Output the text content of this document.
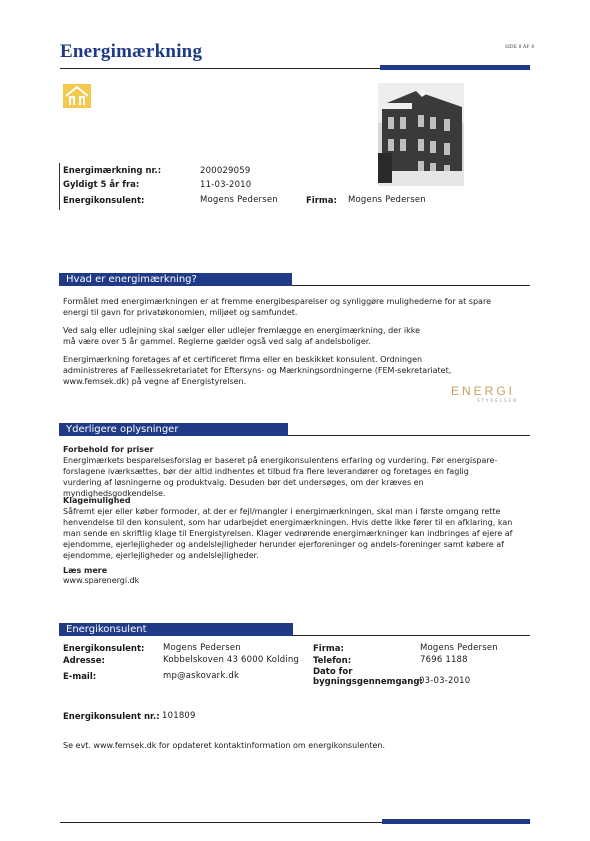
Energimærkning	SIDE 8 AF 8
Energimærkning nr.:	200029059
Gyldigt 5 år fra:	11-03-2010
Energikonsulent:	Mogens Pedersen	Firma: Mogens Pedersen
Hvad er energimærkning?
Formålet med energimærkningen er at fremme energibesparelser og synliggøre mulighederne for at spare energi til gavn for privatøkonomien, miljøet og samfundet.
Ved salg eller udlejning skal sælger eller udlejer fremlægge en energimærkning, der ikke må være over 5 år gammel. Reglerne gælder også ved salg af andelsboliger.
Energimærkning foretages af et certificeret firma eller en beskikket konsulent. Ordningen administreres af Fællessekretariatet for Eftersyns- og Mærkningsordningerne (FEM-sekretariatet, www.femsek.dk) på vegne af Energistyrelsen.
ENERGI
STYRELSEN
Yderligere oplysninger
Forbehold for priser
Energimærkets besparelsesforslag er baseret på energikonsulentens erfaring og vurdering. Før energispare-forslagene iværksættes, bør der altid indhentes et tilbud fra flere leverandører og foretages en faglig vurdering af løsningerne og produktvalg. Desuden bør det undersøges, om der kræves en myndighedsgodkendelse.
Klagemulighed
Såfremt ejer eller køber formoder, at der er fejl/mangler i energimærkningen, skal man i første omgang rette henvendelse til den konsulent, som har udarbejdet energimærkningen. Hvis dette ikke fører til en afklaring, kan man sende en skriftlig klage til Energistyrelsen. Klager vedrørende energimærkninger kan indbringes af ejere af ejendomme, ejerlejligheder og andelslejligheder herunder ejerforeninger og andels-foreninger samt købere af ejendomme, ejerlejligheder og andelslejligheder.
Læs mere
www.sparenergi.dk
Energikonsulent
Energikonsulent: Mogens Pedersen
Adresse:	Kobbelskoven 43 6000 Kolding
E-mail:	mp@askovark.dk
Firma:	Mogens Pedersen
Telefon:	7696 1188
Dato for
bygningsgennemgang:
03-03-2010
Energikonsulent nr.: 101809
Se evt. www.femsek.dk for opdateret kontaktinformation om energikonsulenten.
